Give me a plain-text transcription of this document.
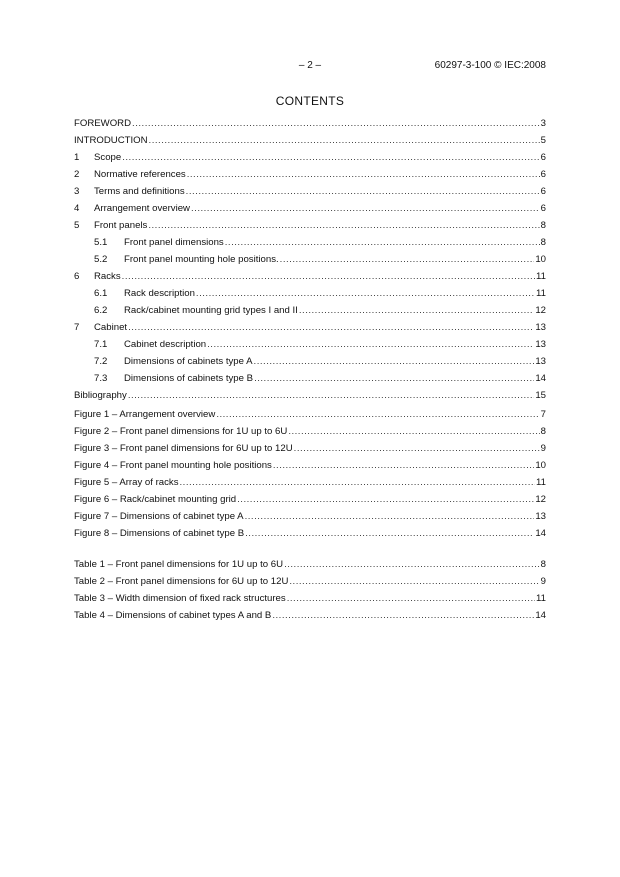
– 2 –	60297-3-100 © IEC:2008
CONTENTS
FOREWORD .....	3
INTRODUCTION .....	5
1	Scope .....	6
2	Normative references .....	6
3	Terms and definitions .....	6
4	Arrangement overview .....	6
5	Front panels .....	8
5.1	Front panel dimensions .....	8
5.2	Front panel mounting hole positions. .....	10
6	Racks .....	11
6.1	Rack description .....	11
6.2	Rack/cabinet mounting grid types I and II .....	12
7	Cabinet .....	13
7.1	Cabinet description .....	13
7.2	Dimensions of cabinets type A .....	13
7.3	Dimensions of cabinets type B .....	14
Bibliography .....	15
Figure 1 – Arrangement overview .....	7
Figure 2 – Front panel dimensions for 1U up to 6U .....	8
Figure 3 – Front panel dimensions for 6U up to 12U .....	9
Figure 4 – Front panel mounting hole positions .....	10
Figure 5 – Array of racks .....	11
Figure 6 – Rack/cabinet mounting grid .....	12
Figure 7 – Dimensions of cabinet type A .....	13
Figure 8 – Dimensions of cabinet type B .....	14
Table 1 – Front panel dimensions for 1U up to 6U .....	8
Table 2 – Front panel dimensions for 6U up to 12U .....	9
Table 3 – Width dimension of fixed rack structures .....	11
Table 4 – Dimensions of cabinet types A and B .....	14
